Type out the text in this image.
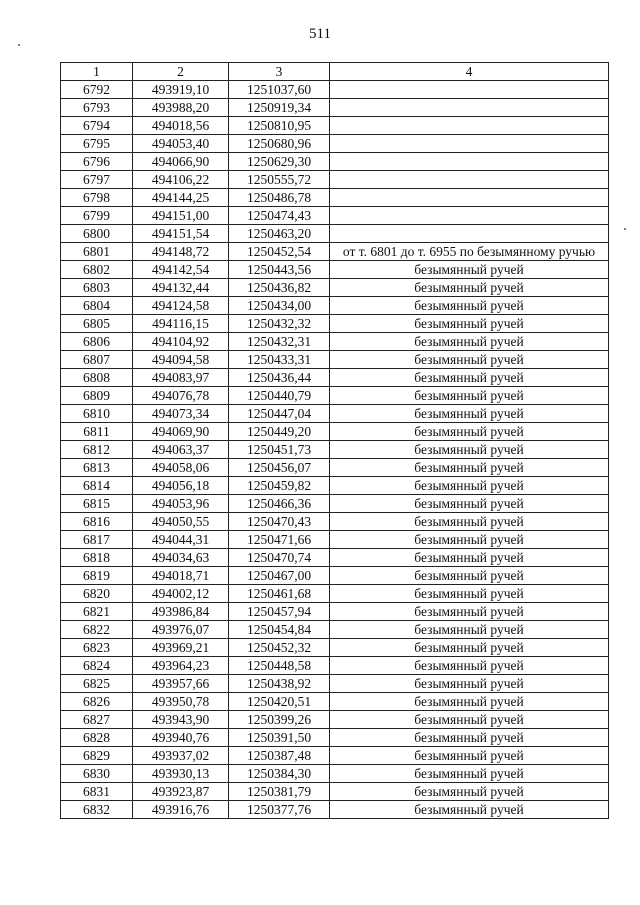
511
1	2	3	4
6792	493919,10	1251037,60	
6793	493988,20	1250919,34	
6794	494018,56	1250810,95	
6795	494053,40	1250680,96	
6796	494066,90	1250629,30	
6797	494106,22	1250555,72	
6798	494144,25	1250486,78	
6799	494151,00	1250474,43	
6800	494151,54	1250463,20	
6801	494148,72	1250452,54	от т. 6801 до т. 6955 по безымянному ручью
6802	494142,54	1250443,56	безымянный ручей
6803	494132,44	1250436,82	безымянный ручей
6804	494124,58	1250434,00	безымянный ручей
6805	494116,15	1250432,32	безымянный ручей
6806	494104,92	1250432,31	безымянный ручей
6807	494094,58	1250433,31	безымянный ручей
6808	494083,97	1250436,44	безымянный ручей
6809	494076,78	1250440,79	безымянный ручей
6810	494073,34	1250447,04	безымянный ручей
6811	494069,90	1250449,20	безымянный ручей
6812	494063,37	1250451,73	безымянный ручей
6813	494058,06	1250456,07	безымянный ручей
6814	494056,18	1250459,82	безымянный ручей
6815	494053,96	1250466,36	безымянный ручей
6816	494050,55	1250470,43	безымянный ручей
6817	494044,31	1250471,66	безымянный ручей
6818	494034,63	1250470,74	безымянный ручей
6819	494018,71	1250467,00	безымянный ручей
6820	494002,12	1250461,68	безымянный ручей
6821	493986,84	1250457,94	безымянный ручей
6822	493976,07	1250454,84	безымянный ручей
6823	493969,21	1250452,32	безымянный ручей
6824	493964,23	1250448,58	безымянный ручей
6825	493957,66	1250438,92	безымянный ручей
6826	493950,78	1250420,51	безымянный ручей
6827	493943,90	1250399,26	безымянный ручей
6828	493940,76	1250391,50	безымянный ручей
6829	493937,02	1250387,48	безымянный ручей
6830	493930,13	1250384,30	безымянный ручей
6831	493923,87	1250381,79	безымянный ручей
6832	493916,76	1250377,76	безымянный ручей
